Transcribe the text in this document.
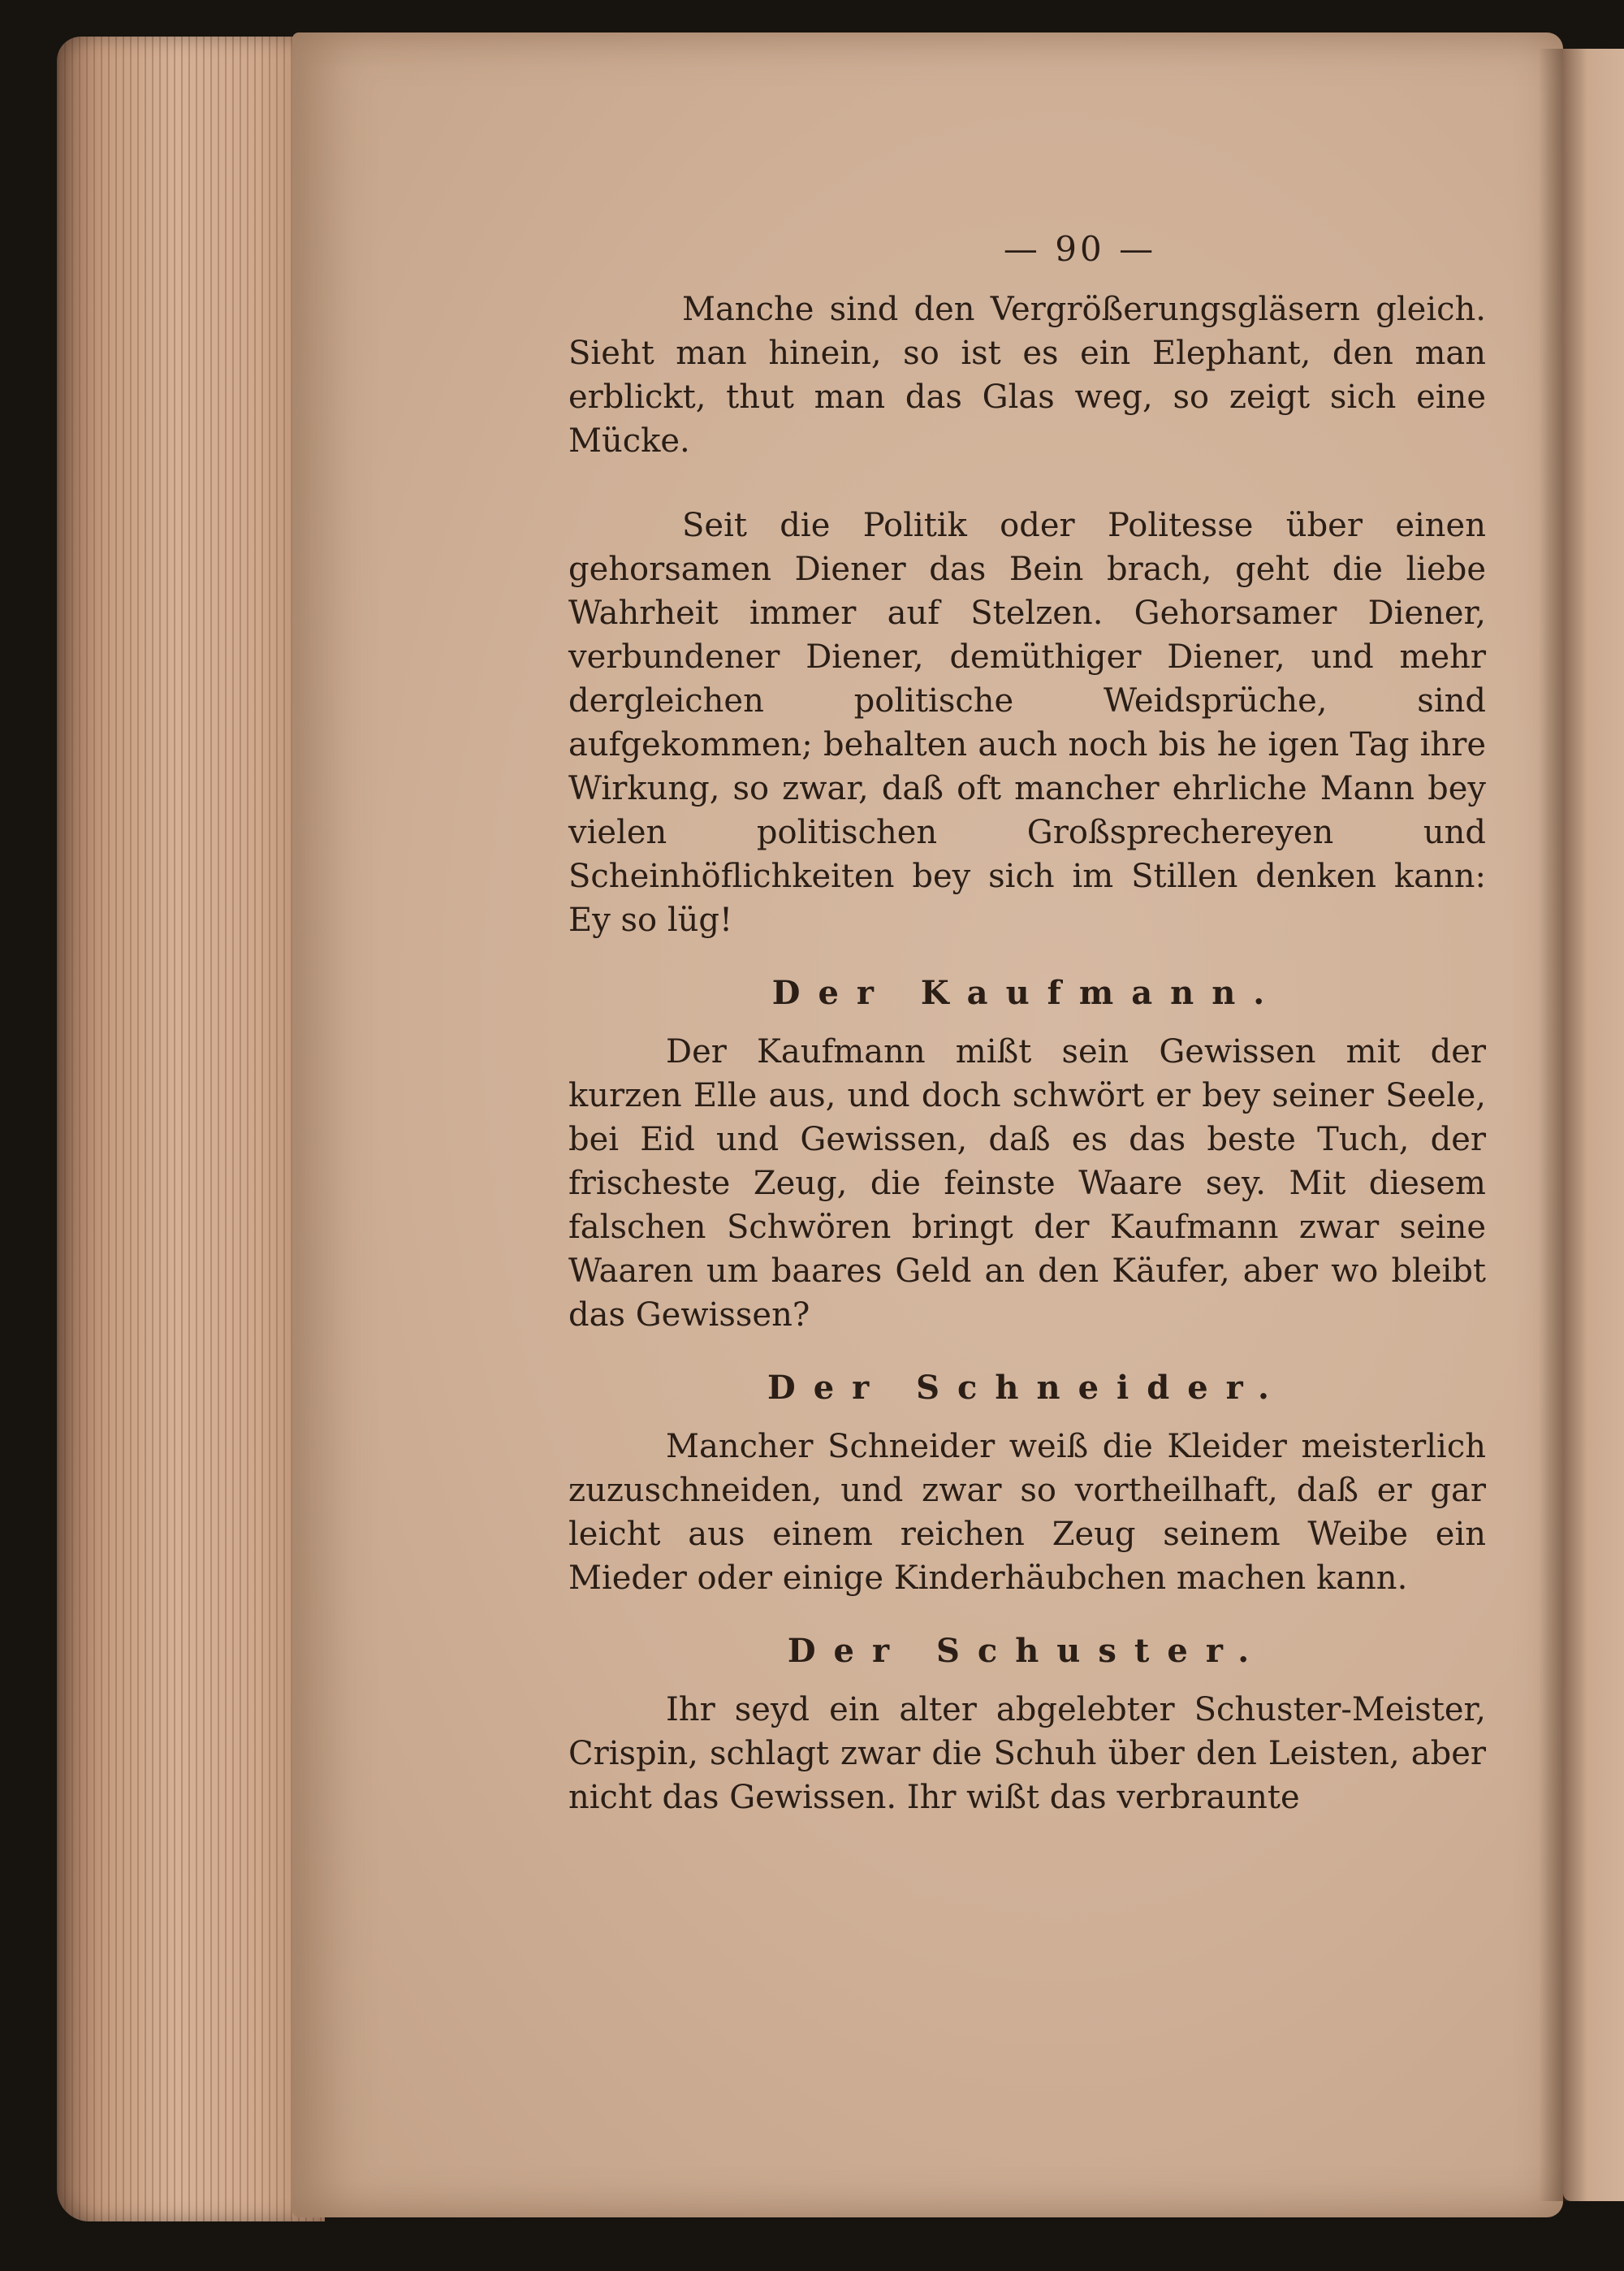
— 90 —

Manche sind den Vergrößerungsgläsern gleich. Sieht man hinein, so ist es ein Elephant, den man erblickt, thut man das Glas weg, so zeigt sich eine Mücke.

Seit die Politik oder Politesse über einen gehorsamen Diener das Bein brach, geht die liebe Wahrheit immer auf Stelzen. Gehorsamer Diener, verbundener Diener, demüthiger Diener, und mehr dergleichen politische Weidsprüche, sind aufgekommen; behalten auch noch bis he igen Tag ihre Wirkung, so zwar, daß oft mancher ehrliche Mann bey vielen politischen Großsprechereyen und Scheinhöflichkeiten bey sich im Stillen denken kann: Ey so lüg!

Der Kaufmann.

Der Kaufmann mißt sein Gewissen mit der kurzen Elle aus, und doch schwört er bey seiner Seele, bei Eid und Gewissen, daß es das beste Tuch, der frischeste Zeug, die feinste Waare sey. Mit diesem falschen Schwören bringt der Kaufmann zwar seine Waaren um baares Geld an den Käufer, aber wo bleibt das Gewissen?

Der Schneider.

Mancher Schneider weiß die Kleider meisterlich zuzuschneiden, und zwar so vortheilhaft, daß er gar leicht aus einem reichen Zeug seinem Weibe ein Mieder oder einige Kinderhäubchen machen kann.

Der Schuster.

Ihr seyd ein alter abgelebter Schuster-Meister, Crispin, schlagt zwar die Schuh über den Leisten, aber nicht das Gewissen. Ihr wißt das verbraunte
